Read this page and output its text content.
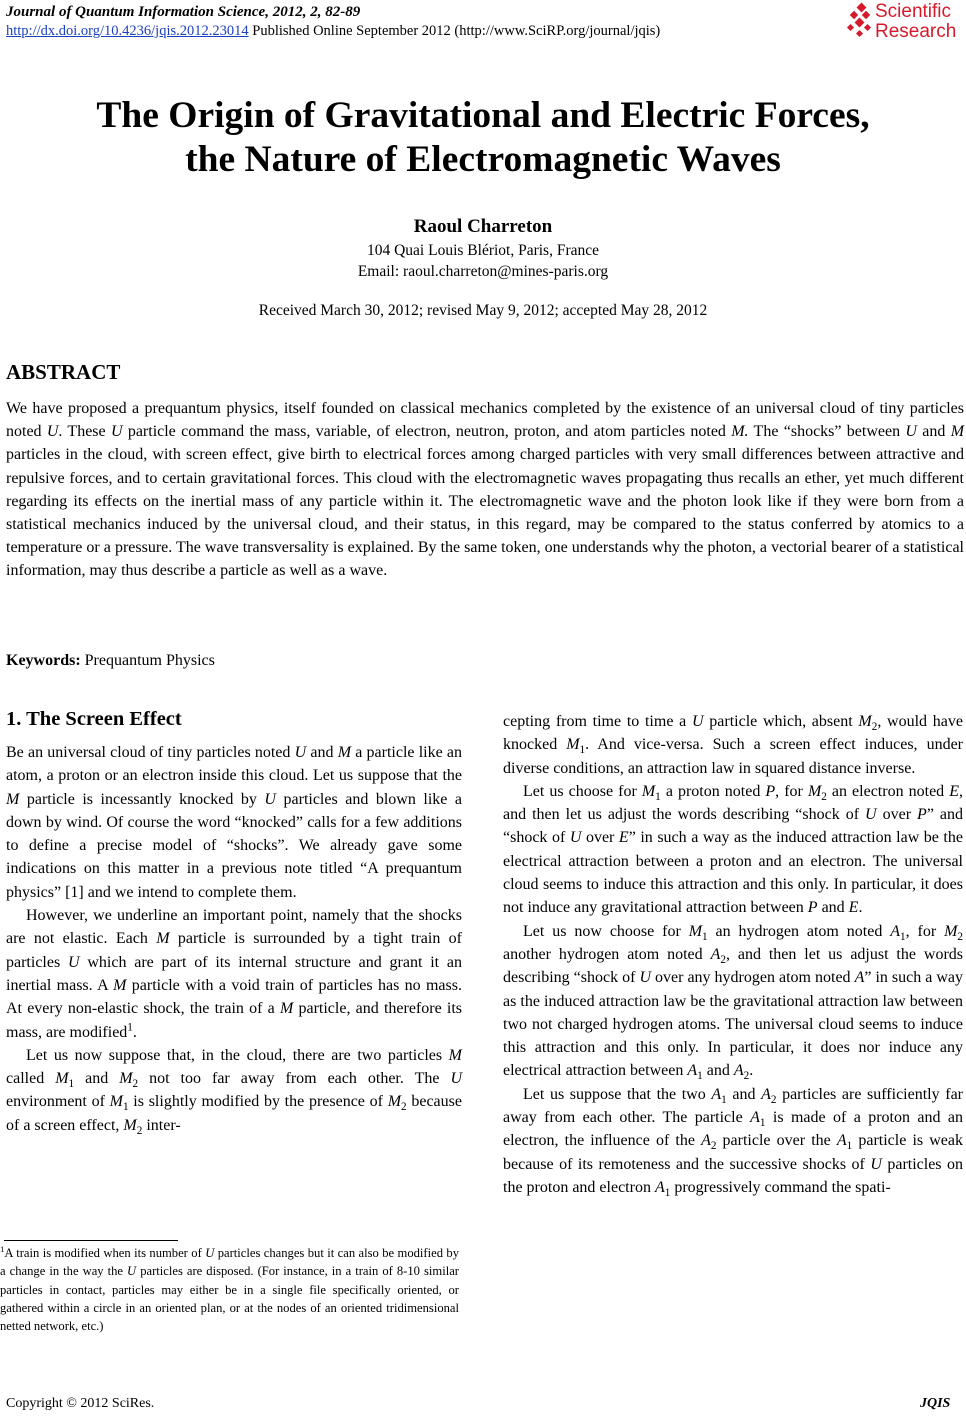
Journal of Quantum Information Science, 2012, 2, 82-89
http://dx.doi.org/10.4236/jqis.2012.23014 Published Online September 2012 (http://www.SciRP.org/journal/jqis)
Scientific
Research
The Origin of Gravitational and Electric Forces,
the Nature of Electromagnetic Waves
Raoul Charreton
104 Quai Louis Blériot, Paris, France
Email: raoul.charreton@mines-paris.org
Received March 30, 2012; revised May 9, 2012; accepted May 28, 2012
ABSTRACT
We have proposed a prequantum physics, itself founded on classical mechanics completed by the existence of an universal cloud of tiny particles noted U. These U particle command the mass, variable, of electron, neutron, proton, and atom particles noted M. The “shocks” between U and M particles in the cloud, with screen effect, give birth to electrical forces among charged particles with very small differences between attractive and repulsive forces, and to certain gravitational forces. This cloud with the electromagnetic waves propagating thus recalls an ether, yet much different regarding its effects on the inertial mass of any particle within it. The electromagnetic wave and the photon look like if they were born from a statistical mechanics induced by the universal cloud, and their status, in this regard, may be compared to the status conferred by atomics to a temperature or a pressure. The wave transversality is explained. By the same token, one understands why the photon, a vectorial bearer of a statistical information, may thus describe a particle as well as a wave.
Keywords: Prequantum Physics
1. The Screen Effect

Be an universal cloud of tiny particles noted U and M a particle like an atom, a proton or an electron inside this cloud. Let us suppose that the M particle is incessantly knocked by U particles and blown like a down by wind. Of course the word “knocked” calls for a few additions to define a precise model of “shocks”. We already gave some indications on this matter in a previous note titled “A prequantum physics” [1] and we intend to complete them.

However, we underline an important point, namely that the shocks are not elastic. Each M particle is surrounded by a tight train of particles U which are part of its internal structure and grant it an inertial mass. A M particle with a void train of particles has no mass. At every non-elastic shock, the train of a M particle, and therefore its mass, are modified$^1$.

Let us now suppose that, in the cloud, there are two particles M called $M_1$ and $M_2$ not too far away from each other. The U environment of $M_1$ is slightly modified by the presence of $M_2$ because of a screen effect, $M_2$ inter-

$^1$A train is modified when its number of U particles changes but it can also be modified by a change in the way the U particles are disposed. (For instance, in a train of 8-10 similar particles in contact, particles may either be in a single file specifically oriented, or gathered within a circle in an oriented plan, or at the nodes of an oriented tridimensional netted network, etc.)

cepting from time to time a U particle which, absent $M_2$, would have knocked $M_1$. And vice-versa. Such a screen effect induces, under diverse conditions, an attraction law in squared distance inverse.

Let us choose for $M_1$ a proton noted P, for $M_2$ an electron noted E, and then let us adjust the words describing “shock of U over P” and “shock of U over E” in such a way as the induced attraction law be the electrical attraction between a proton and an electron. The universal cloud seems to induce this attraction and this only. In particular, it does not induce any gravitational attraction between P and E.

Let us now choose for $M_1$ an hydrogen atom noted $A_1$, for $M_2$ another hydrogen atom noted $A_2$, and then let us adjust the words describing “shock of U over any hydrogen atom noted A” in such a way as the induced attraction law be the gravitational attraction law between two not charged hydrogen atoms. The universal cloud seems to induce this attraction and this only. In particular, it does nor induce any electrical attraction between $A_1$ and $A_2$.

Let us suppose that the two $A_1$ and $A_2$ particles are sufficiently far away from each other. The particle $A_1$ is made of a proton and an electron, the influence of the $A_2$ particle over the $A_1$ particle is weak because of its remoteness and the successive shocks of U particles on the proton and electron $A_1$ progressively command the spati-

Copyright © 2012 SciRes.	JQIS
